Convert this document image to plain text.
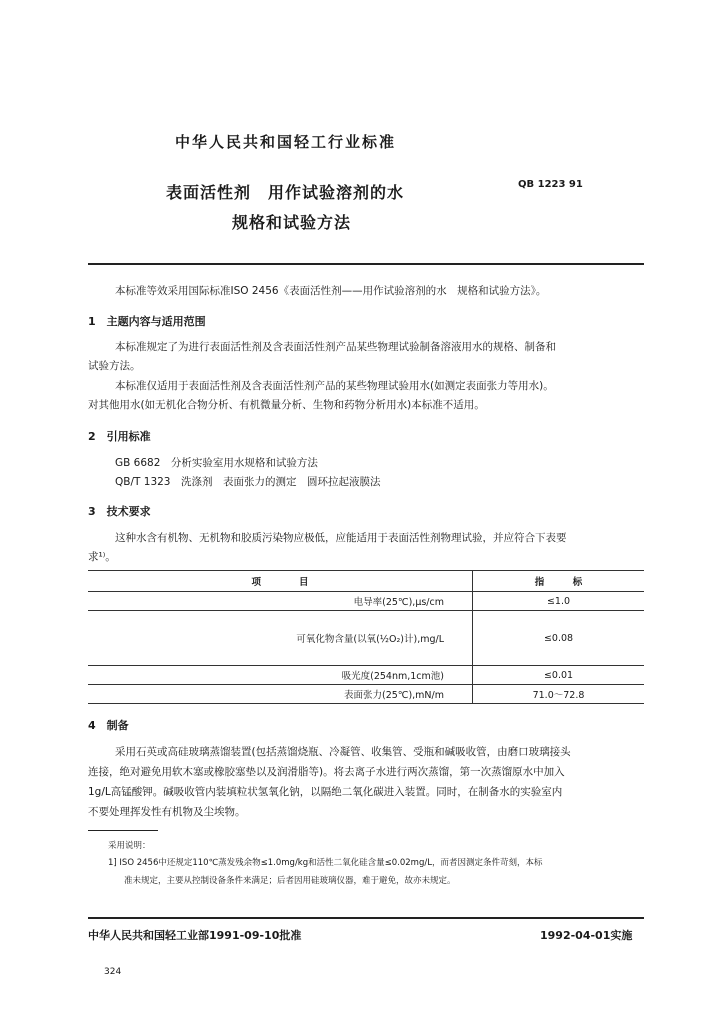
中华人民共和国轻工行业标准
表面活性剂　用作试验溶剂的水
规格和试验方法
QB 1223 91
本标准等效采用国际标准ISO 2456《表面活性剂——用作试验溶剂的水　规格和试验方法》。
1　主题内容与适用范围
本标准规定了为进行表面活性剂及含表面活性剂产品某些物理试验制备溶液用水的规格、制备和
试验方法。
本标准仅适用于表面活性剂及含表面活性剂产品的某些物理试验用水(如测定表面张力等用水)。
对其他用水(如无机化合物分析、有机微量分析、生物和药物分析用水)本标准不适用。
2　引用标准
GB 6682　分析实验室用水规格和试验方法
QB/T 1323　洗涤剂　表面张力的测定　圆环拉起液膜法
3　技术要求
这种水含有机物、无机物和胶质污染物应极低，应能适用于表面活性剂物理试验，并应符合下表要
求¹⁾。
项　　　　目	指　　　标
电导率(25℃),μs/cm	≤1.0
可氧化物含量(以氧(½O₂)计),mg/L	≤0.08
吸光度(254nm,1cm池)	≤0.01
表面张力(25℃),mN/m	71.0～72.8
4　制备
采用石英或高硅玻璃蒸馏装置(包括蒸馏烧瓶、冷凝管、收集管、受瓶和碱吸收管，由磨口玻璃接头
连接，绝对避免用软木塞或橡胶塞垫以及润滑脂等)。将去离子水进行两次蒸馏，第一次蒸馏原水中加入
1g/L高锰酸钾。碱吸收管内装填粒状氢氧化钠，以隔绝二氧化碳进入装置。同时，在制备水的实验室内
不要处理挥发性有机物及尘埃物。
采用说明：
1] ISO 2456中还规定110℃蒸发残余物≤1.0mg/kg和活性二氧化硅含量≤0.02mg/L，而者因测定条件苛刻，本标
准未规定，主要从控制设备条件来满足；后者因用硅玻璃仪器，难于避免，故亦未规定。
中华人民共和国轻工业部1991-09-10批准	1992-04-01实施
324
